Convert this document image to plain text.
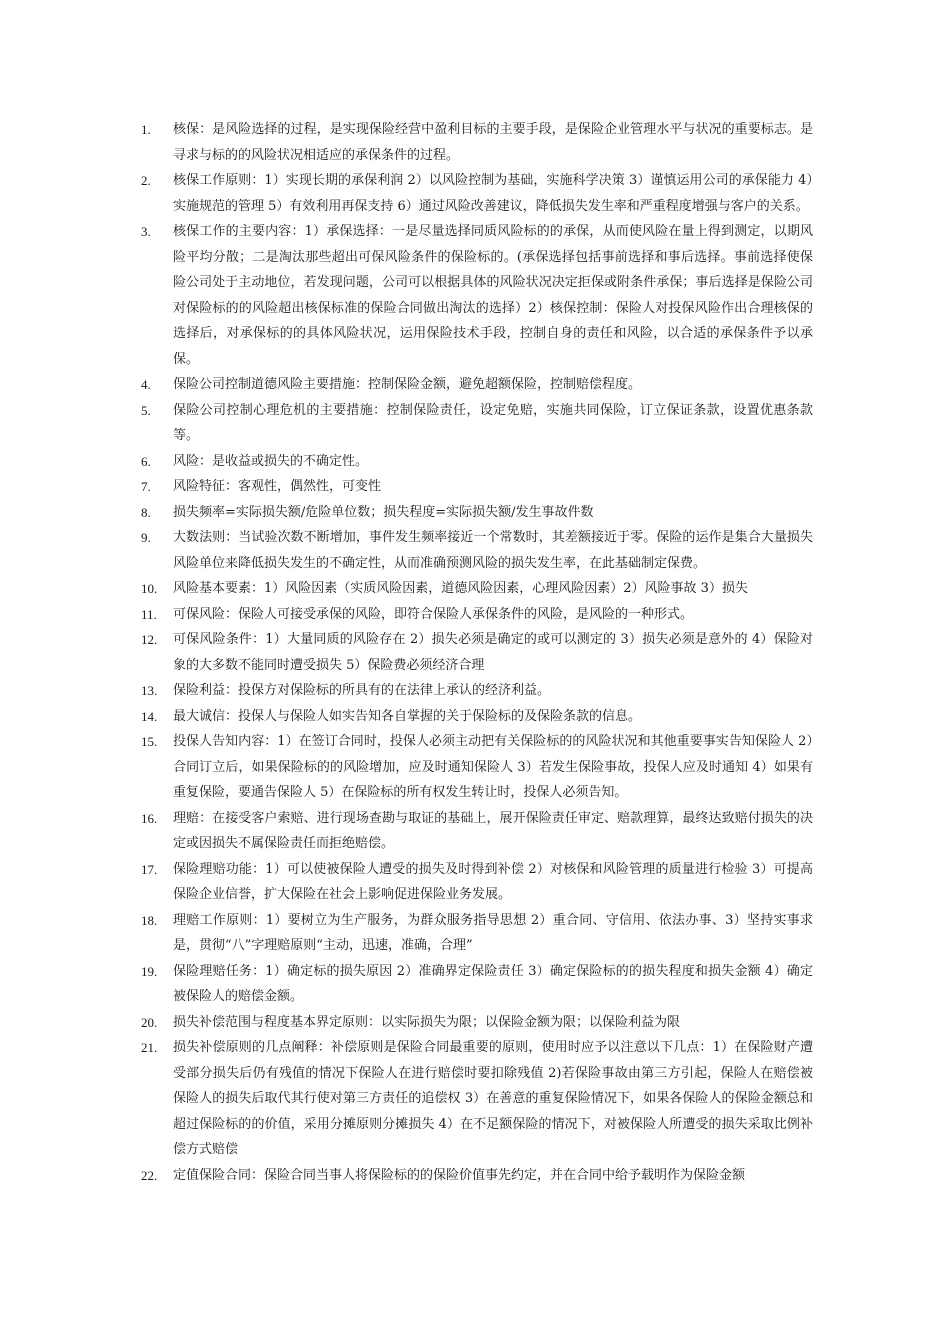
1.	核保：是风险选择的过程，是实现保险经营中盈利目标的主要手段，是保险企业管理水平与状况的重要标志。是寻求与标的的风险状况相适应的承保条件的过程。
2.	核保工作原则：1）实现长期的承保利润 2）以风险控制为基础，实施科学决策 3）谨慎运用公司的承保能力 4）实施规范的管理 5）有效利用再保支持 6）通过风险改善建议，降低损失发生率和严重程度增强与客户的关系。
3.	核保工作的主要内容：1）承保选择：一是尽量选择同质风险标的的承保，从而使风险在量上得到测定，以期风险平均分散；二是淘汰那些超出可保风险条件的保险标的。(承保选择包括事前选择和事后选择。事前选择使保险公司处于主动地位，若发现问题，公司可以根据具体的风险状况决定拒保或附条件承保；事后选择是保险公司对保险标的的风险超出核保标准的保险合同做出淘汰的选择）2）核保控制：保险人对投保风险作出合理核保的选择后，对承保标的的具体风险状况，运用保险技术手段，控制自身的责任和风险，以合适的承保条件予以承保。
4.	保险公司控制道德风险主要措施：控制保险金额，避免超额保险，控制赔偿程度。
5.	保险公司控制心理危机的主要措施：控制保险责任，设定免赔，实施共同保险，订立保证条款，设置优惠条款等。
6.	风险：是收益或损失的不确定性。
7.	风险特征：客观性，偶然性，可变性
8.	损失频率=实际损失额/危险单位数；损失程度=实际损失额/发生事故件数
9.	大数法则：当试验次数不断增加，事件发生频率接近一个常数时，其差额接近于零。保险的运作是集合大量损失风险单位来降低损失发生的不确定性，从而准确预测风险的损失发生率，在此基础制定保费。
10.	风险基本要素：1）风险因素（实质风险因素，道德风险因素，心理风险因素）2）风险事故 3）损失
11.	可保风险：保险人可接受承保的风险，即符合保险人承保条件的风险，是风险的一种形式。
12.	可保风险条件：1）大量同质的风险存在 2）损失必须是确定的或可以测定的 3）损失必须是意外的 4）保险对象的大多数不能同时遭受损失 5）保险费必须经济合理
13.	保险利益：投保方对保险标的所具有的在法律上承认的经济利益。
14.	最大诚信：投保人与保险人如实告知各自掌握的关于保险标的及保险条款的信息。
15.	投保人告知内容：1）在签订合同时，投保人必须主动把有关保险标的的风险状况和其他重要事实告知保险人 2）合同订立后，如果保险标的的风险增加，应及时通知保险人 3）若发生保险事故，投保人应及时通知 4）如果有重复保险，要通告保险人 5）在保险标的所有权发生转让时，投保人必须告知。
16.	理赔：在接受客户索赔、进行现场查勘与取证的基础上，展开保险责任审定、赔款理算，最终达致赔付损失的决定或因损失不属保险责任而拒绝赔偿。
17.	保险理赔功能：1）可以使被保险人遭受的损失及时得到补偿 2）对核保和风险管理的质量进行检验 3）可提高保险企业信誉，扩大保险在社会上影响促进保险业务发展。
18.	理赔工作原则：1）要树立为生产服务，为群众服务指导思想 2）重合同、守信用、依法办事、3）坚持实事求是，贯彻“八”字理赔原则“主动，迅速，准确，合理”
19.	保险理赔任务：1）确定标的损失原因 2）准确界定保险责任 3）确定保险标的的损失程度和损失金额 4）确定被保险人的赔偿金额。
20.	损失补偿范围与程度基本界定原则：以实际损失为限；以保险金额为限；以保险利益为限
21.	损失补偿原则的几点阐释：补偿原则是保险合同最重要的原则，使用时应予以注意以下几点：1）在保险财产遭受部分损失后仍有残值的情况下保险人在进行赔偿时要扣除残值 2)若保险事故由第三方引起，保险人在赔偿被保险人的损失后取代其行使对第三方责任的追偿权 3）在善意的重复保险情况下，如果各保险人的保险金额总和超过保险标的的价值，采用分摊原则分摊损失 4）在不足额保险的情况下，对被保险人所遭受的损失采取比例补偿方式赔偿
22.	定值保险合同：保险合同当事人将保险标的的保险价值事先约定，并在合同中给予载明作为保险金额
